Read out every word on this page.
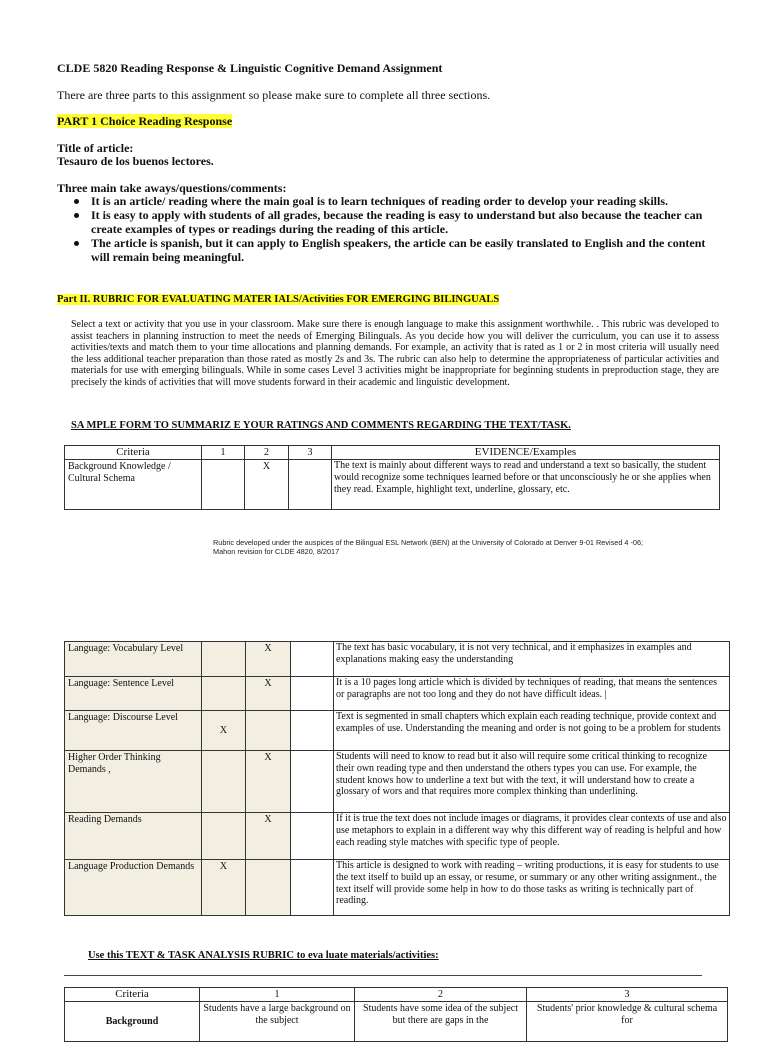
CLDE 5820 Reading Response & Linguistic Cognitive Demand Assignment
There are three parts to this assignment so please make sure to complete all three sections.
PART 1 Choice Reading Response
Title of article:
Tesauro de los buenos lectores.
Three main take aways/questions/comments:
It is an article/ reading where the main goal is to learn techniques of reading order to develop your reading skills.
It is easy to apply with students of all grades, because the reading is easy to understand but also because the teacher can create examples of types or readings during the reading of this article.
The article is spanish, but it can apply to English speakers, the article can be easily translated to English and the content will remain being meaningful.
Part II. RUBRIC FOR EVALUATING MATER IALS/Activities FOR EMERGING BILINGUALS
Select a text or activity that you use in your classroom. Make sure there is enough language to make this assignment worthwhile. . This rubric was developed to assist teachers in planning instruction to meet the needs of Emerging Bilinguals. As you decide how you will deliver the curriculum, you can use it to assess activities/texts and match them to your time allocations and planning demands. For example, an activity that is rated as 1 or 2 in most criteria will usually need the less additional teacher preparation than those rated as mostly 2s and 3s. The rubric can also help to determine the appropriateness of particular activities and materials for use with emerging bilinguals. While in some cases Level 3 activities might be inappropriate for beginning students in preproduction stage, they are precisely the kinds of activities that will move students forward in their academic and linguistic development.
SA MPLE FORM TO SUMMARIZ E YOUR RATINGS AND COMMENTS REGARDING THE TEXT/TASK.
Criteria	1	2	3	EVIDENCE/Examples
Background Knowledge / Cultural Schema		X		The text is mainly about different ways to read and understand a text so basically, the student would recognize some techniques learned before or that unconsciously he or she applies when they read. Example, highlight text, underline, glossary, etc.
Rubric developed under the auspices of the Bilingual ESL Network (BEN) at the University of Colorado at Denver 9-01 Revised 4 -06;
Mahon revision for CLDE 4820, 8/2017
Language: Vocabulary Level		X		The text has basic vocabulary, it is not very technical, and it emphasizes in examples and explanations making easy the understanding
Language: Sentence Level		X		It is a 10 pages long article which is divided by techniques of reading, that means the sentences or paragraphs are not too long and they do not have difficult ideas. |
Language: Discourse Level	X			Text is segmented in small chapters which explain each reading technique, provide context and examples of use. Understanding the meaning and order is not going to be a problem for students
Higher Order Thinking Demands ,		X		Students will need to know to read but it also will require some critical thinking to recognize their own reading type and then understand the others types you can use. For example, the student knows how to underline a text but with the text, it will understand how to create a glossary of wors and that requires more complex thinking than underlining.
Reading Demands		X		If it is true the text does not include images or diagrams, it provides clear contexts of use and also use metaphors to explain in a different way why this different way of reading is helpful and how each reading style matches with specific type of people.
Language Production Demands	X			This article is designed to work with reading – writing productions, it is easy for students to use the text itself to build up an essay, or resume, or summary or any other writing assignment., the text itself will provide some help in how to do those tasks as writing is technically part of reading.
Use this TEXT & TASK ANALYSIS RUBRIC to eva luate materials/activities:
Criteria	1	2	3
Background	Students have a large background on the subject	Students have some idea of the subject but there are gaps in the	Students' prior knowledge & cultural schema for
